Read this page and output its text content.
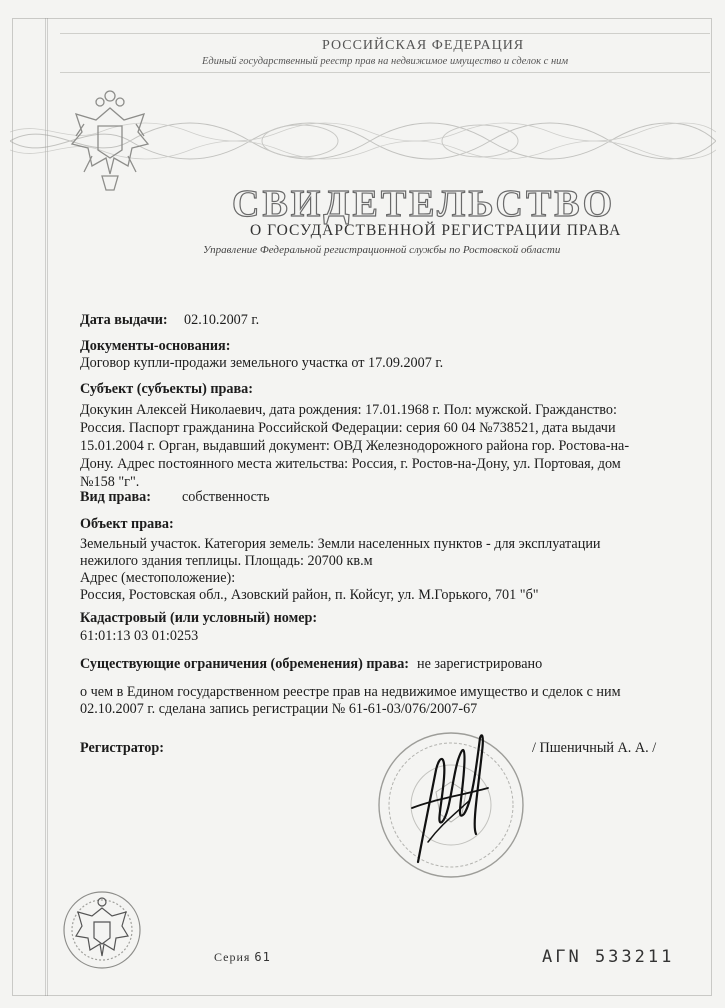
РОССИЙСКАЯ ФЕДЕРАЦИЯ
Единый государственный реестр прав на недвижимое имущество и сделок с ним
СВИДЕТЕЛЬСТВО
О ГОСУДАРСТВЕННОЙ РЕГИСТРАЦИИ ПРАВА
Управление Федеральной регистрационной службы по Ростовской области
Дата выдачи: 02.10.2007 г.
Документы-основания:
Договор купли-продажи земельного участка от 17.09.2007 г.
Субъект (субъекты) права:
Докукин Алексей Николаевич, дата рождения: 17.01.1968 г. Пол: мужской. Гражданство:
Россия. Паспорт гражданина Российской Федерации: серия 60 04 №738521, дата выдачи
15.01.2004 г. Орган, выдавший документ: ОВД Железнодорожного района гор. Ростова-на-
Дону. Адрес постоянного места жительства: Россия, г. Ростов-на-Дону, ул. Портовая, дом
№158 "г".
Вид права: собственность
Объект права:
Земельный участок. Категория земель: Земли населенных пунктов - для эксплуатации
нежилого здания теплицы. Площадь: 20700 кв.м
Адрес (местоположение):
Россия, Ростовская обл., Азовский район, п. Койсуг, ул. М.Горького, 701 "б"
Кадастровый (или условный) номер:
61:01:13 03 01:0253
Существующие ограничения (обременения) права: не зарегистрировано
о чем в Едином государственном реестре прав на недвижимое имущество и сделок с ним
02.10.2007 г. сделана запись регистрации № 61-61-03/076/2007-67
Регистратор:	/ Пшеничный А. А. /
Серия 61	АГN 533211
